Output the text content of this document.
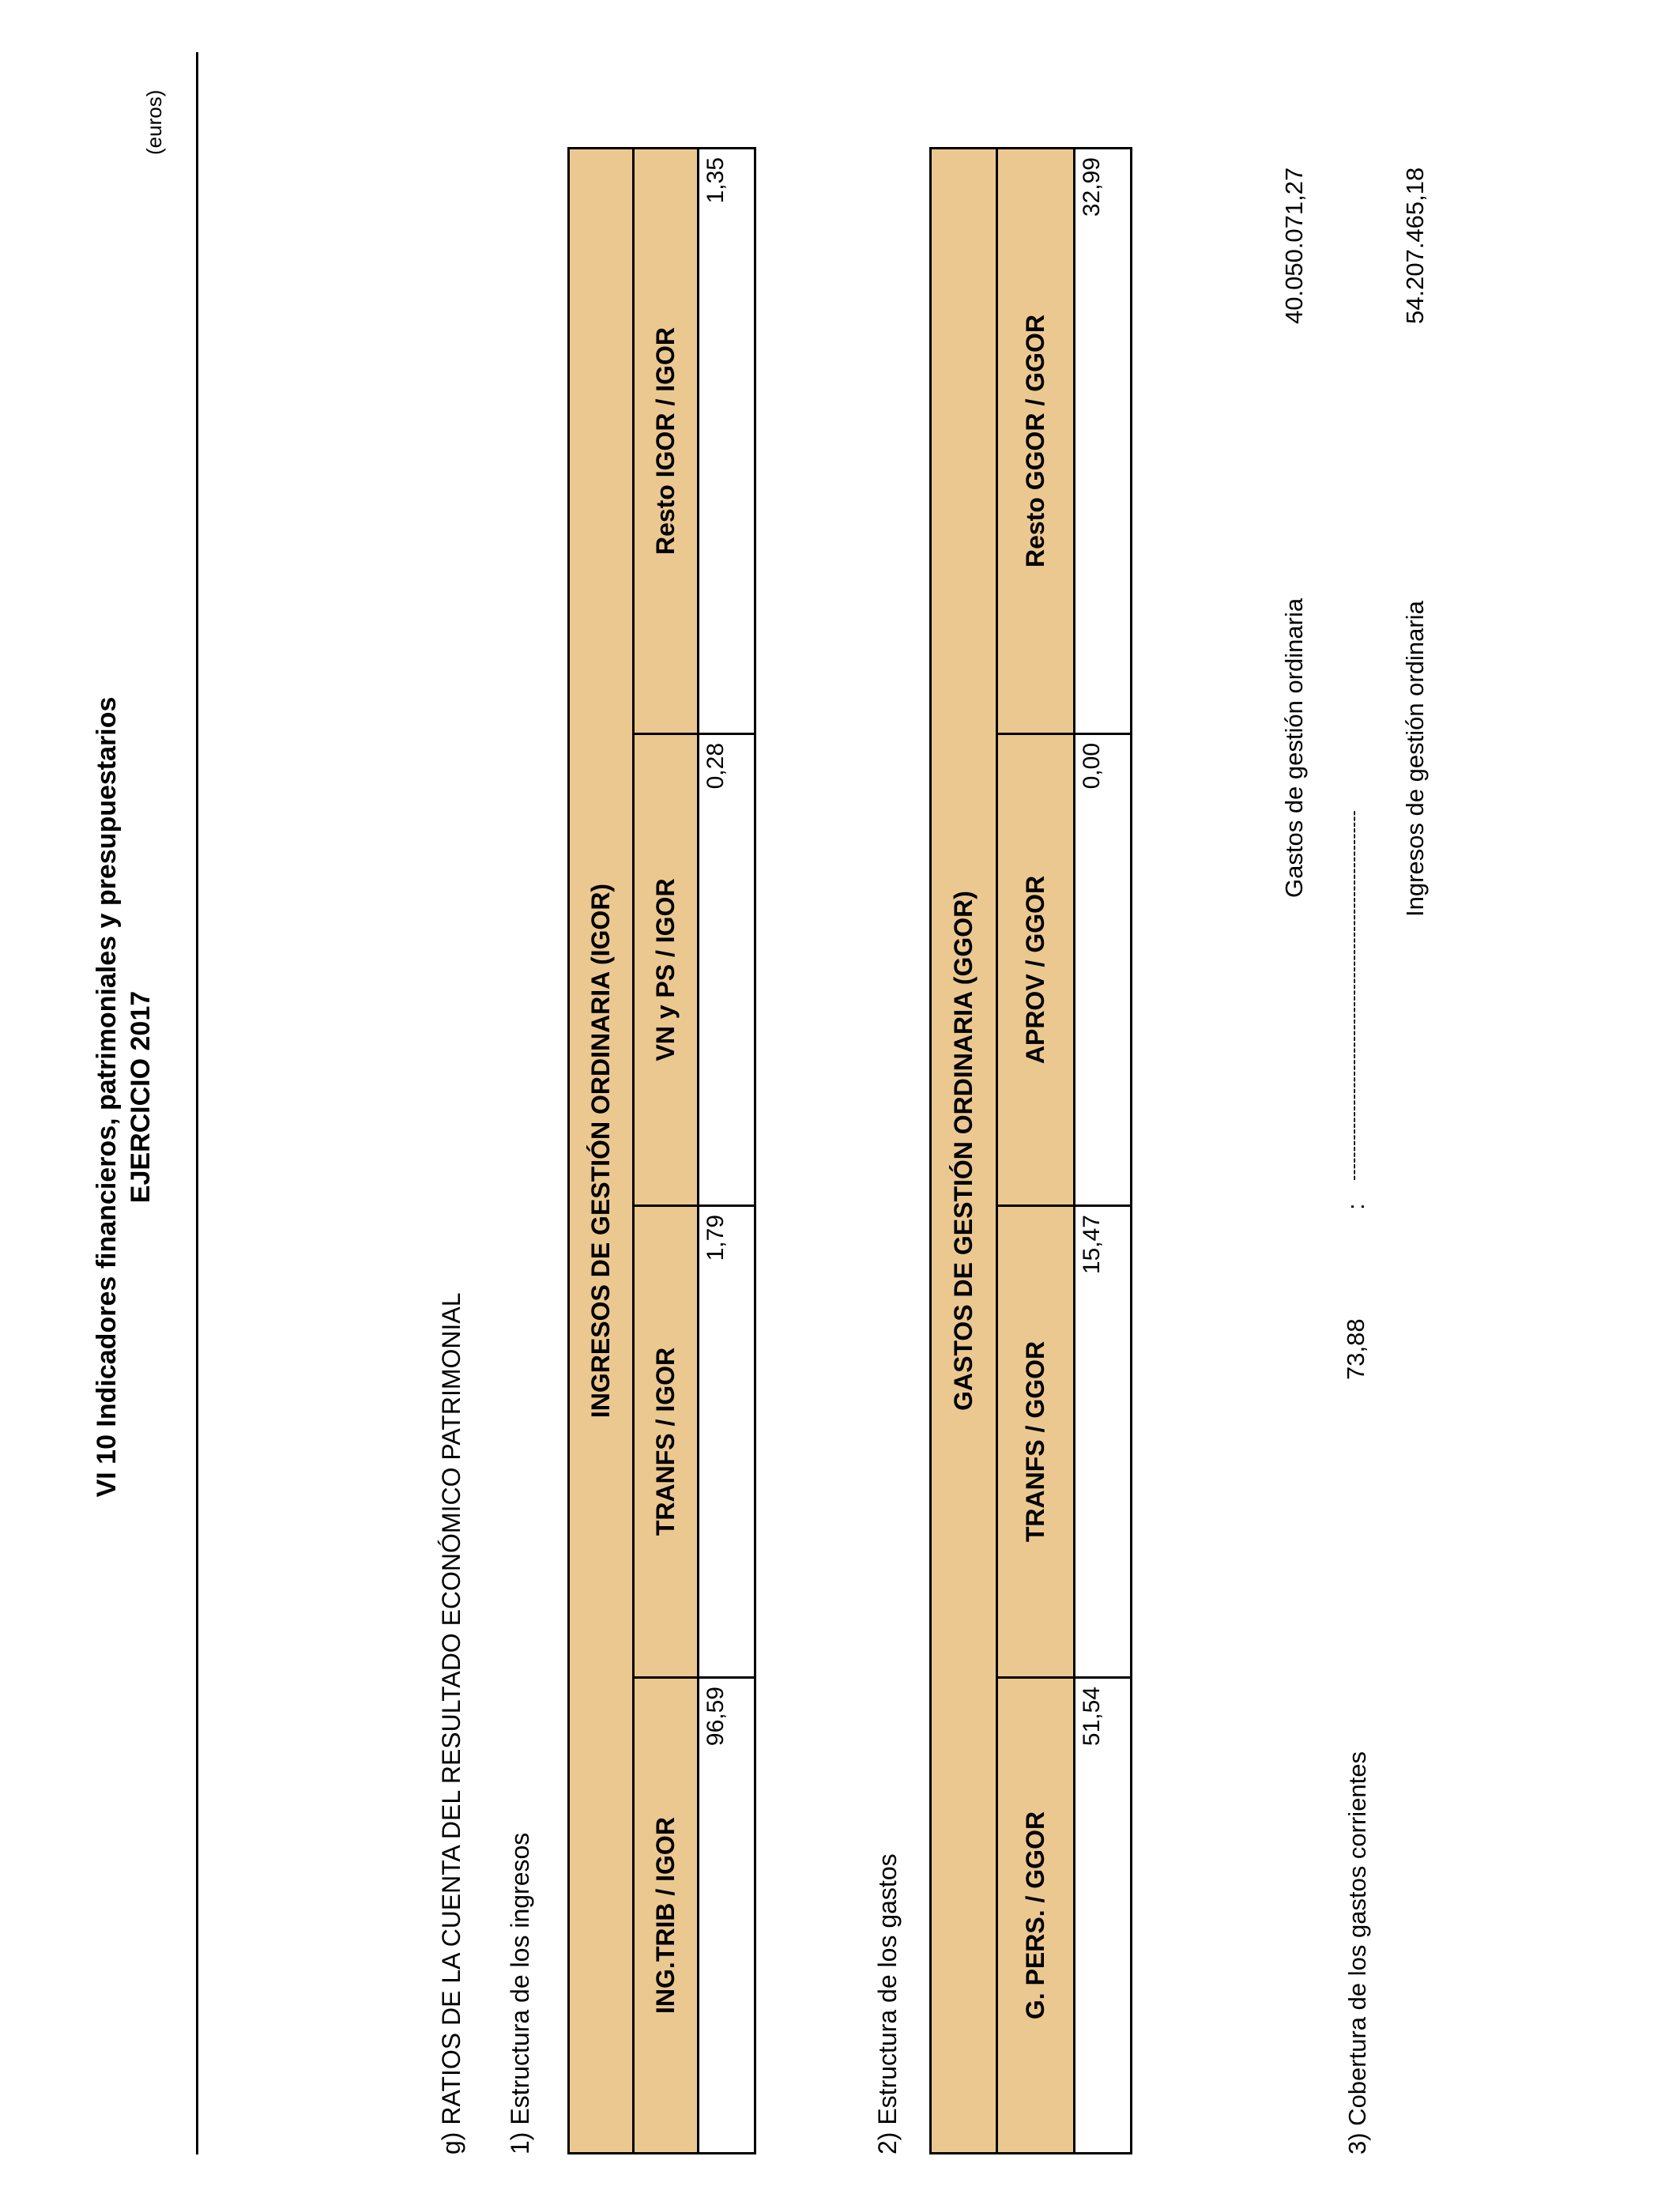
VI 10 Indicadores financieros, patrimoniales y presupuestarios EJERCICIO 2017
(euros)
g) RATIOS DE LA CUENTA DEL RESULTADO ECONÓMICO PATRIMONIAL 1) Estructura de los ingresos
INGRESOS DE GESTIÓN ORDINARIA (IGOR)
ING.TRIB / IGOR
TRANFS / IGOR
VN y PS / IGOR
Resto IGOR / IGOR
96,59
1,79
0,28
1,35
2) Estructura de los gastos
GASTOS DE GESTIÓN ORDINARIA (GGOR)
G. PERS. / GGOR
TRANFS / GGOR
APROV / GGOR
Resto GGOR / GGOR
51,54
15,47
0,00
32,99
3) Cobertura de los gastos corrientes
73,88
:
Gastos de gestión ordinaria
40.050.071,27
----------------------------------------------------------------
Ingresos de gestión ordinaria
54.207.465,18
